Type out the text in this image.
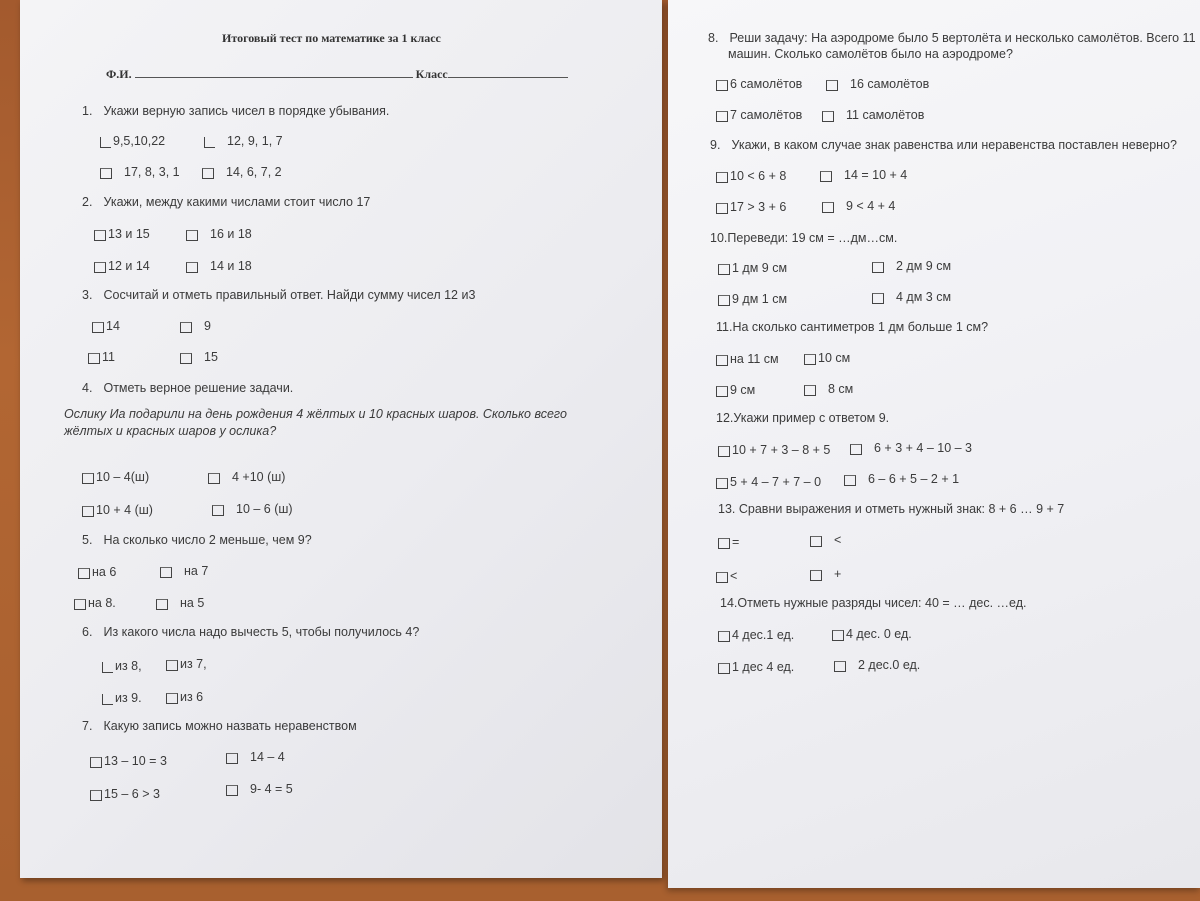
Итоговый тест по математике за 1 класс
Ф.И.	Класс
1. Укажи верную запись чисел в порядке убывания.
9,5,10,22	12, 9, 1, 7
17, 8, 3, 1	14, 6, 7, 2
2. Укажи, между какими числами стоит число 17
13 и 15	16 и 18
12 и 14	14 и 18
3. Сосчитай и отметь правильный ответ. Найди сумму чисел 12 и3
14	9
11	15
4. Отметь верное решение задачи.
Ослику Иа подарили на день рождения 4 жёлтых и 10 красных шаров. Сколько всего
жёлтых и красных шаров у ослика?
10 – 4(ш)	4 +10 (ш)
10 + 4 (ш)	10 – 6 (ш)
5. На сколько число 2 меньше, чем 9?
на 6	на 7
на 8.	на 5
6. Из какого числа надо вычесть 5, чтобы получилось 4?
из 8,	из 7,
из 9.	из 6
7. Какую запись можно назвать неравенством
13 – 10 = 3	14 – 4
15 – 6 > 3	9- 4 = 5
8. Реши задачу: На аэродроме было 5 вертолёта и несколько самолётов. Всего 11
машин. Сколько самолётов было на аэродроме?
6 самолётов	16 самолётов
7 самолётов	11 самолётов
9. Укажи, в каком случае знак равенства или неравенства поставлен неверно?
10 < 6 + 8	14 = 10 + 4
17 > 3 + 6	9 < 4 + 4
10.Переведи: 19 см = …дм…см.
1 дм 9 см	2 дм 9 см
9 дм 1 см	4 дм 3 см
11.На сколько сантиметров 1 дм больше 1 см?
на 11 см	10 см
9 см	8 см
12.Укажи пример с ответом 9.
10 + 7 + 3 – 8 + 5	6 + 3 + 4 – 10 – 3
5 + 4 – 7 + 7 – 0	6 – 6 + 5 – 2 + 1
13. Сравни выражения и отметь нужный знак: 8 + 6 … 9 + 7
=	<
<	+
14.Отметь нужные разряды чисел: 40 = … дес. …ед.
4 дес.1 ед.	4 дес. 0 ед.
1 дес 4 ед.	2 дес.0 ед.
